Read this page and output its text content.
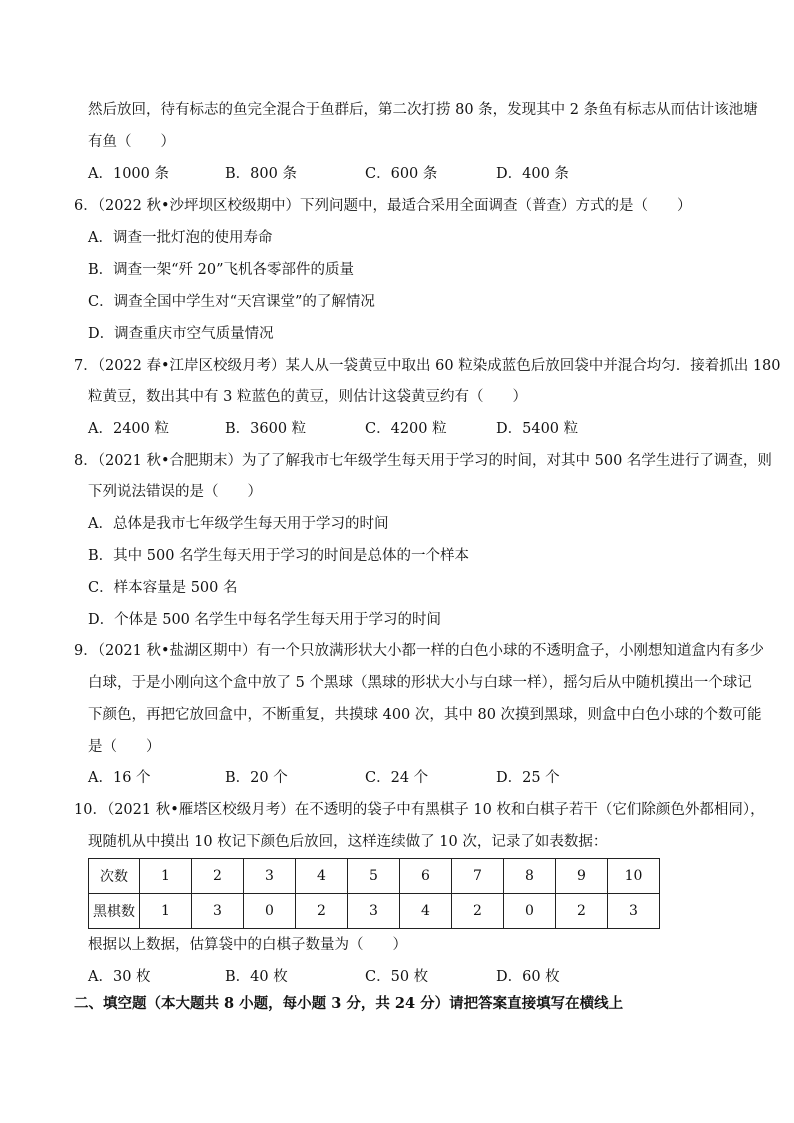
然后放回，待有标志的鱼完全混合于鱼群后，第二次打捞 80 条，发现其中 2 条鱼有标志从而估计该池塘
有鱼（　　）
A．1000 条	B．800 条	C．600 条	D．400 条
6．（2022 秋•沙坪坝区校级期中）下列问题中，最适合采用全面调查（普查）方式的是（　　）
A．调查一批灯泡的使用寿命
B．调查一架“歼 20”飞机各零部件的质量
C．调查全国中学生对“天宫课堂”的了解情况
D．调查重庆市空气质量情况
7．（2022 春•江岸区校级月考）某人从一袋黄豆中取出 60 粒染成蓝色后放回袋中并混合均匀．接着抓出 180
粒黄豆，数出其中有 3 粒蓝色的黄豆，则估计这袋黄豆约有（　　）
A．2400 粒	B．3600 粒	C．4200 粒	D．5400 粒
8．（2021 秋•合肥期末）为了了解我市七年级学生每天用于学习的时间，对其中 500 名学生进行了调查，则
下列说法错误的是（　　）
A．总体是我市七年级学生每天用于学习的时间
B．其中 500 名学生每天用于学习的时间是总体的一个样本
C．样本容量是 500 名
D．个体是 500 名学生中每名学生每天用于学习的时间
9．（2021 秋•盐湖区期中）有一个只放满形状大小都一样的白色小球的不透明盒子，小刚想知道盒内有多少
白球，于是小刚向这个盒中放了 5 个黑球（黑球的形状大小与白球一样），摇匀后从中随机摸出一个球记
下颜色，再把它放回盒中，不断重复，共摸球 400 次，其中 80 次摸到黑球，则盒中白色小球的个数可能
是（　　）
A．16 个	B．20 个	C．24 个	D．25 个
10．（2021 秋•雁塔区校级月考）在不透明的袋子中有黑棋子 10 枚和白棋子若干（它们除颜色外都相同），
现随机从中摸出 10 枚记下颜色后放回，这样连续做了 10 次，记录了如表数据：
次数	1	2	3	4	5	6	7	8	9	10
黑棋数	1	3	0	2	3	4	2	0	2	3
根据以上数据，估算袋中的白棋子数量为（　　）
A．30 枚	B．40 枚	C．50 枚	D．60 枚
二、填空题（本大题共 8 小题，每小题 3 分，共 24 分）请把答案直接填写在横线上
